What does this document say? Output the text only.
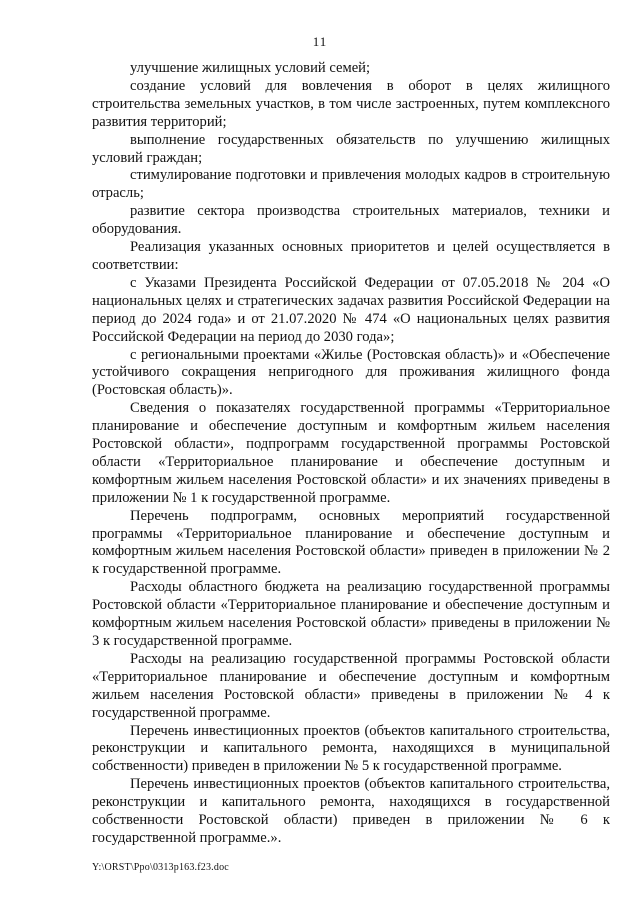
11

улучшение жилищных условий семей;

создание условий для вовлечения в оборот в целях жилищного строительства земельных участков, в том числе застроенных, путем комплексного развития территорий;

выполнение государственных обязательств по улучшению жилищных условий граждан;

стимулирование подготовки и привлечения молодых кадров в строительную отрасль;

развитие сектора производства строительных материалов, техники и оборудования.

Реализация указанных основных приоритетов и целей осуществляется в соответствии:

с Указами Президента Российской Федерации от 07.05.2018 № 204 «О национальных целях и стратегических задачах развития Российской Федерации на период до 2024 года» и от 21.07.2020 № 474 «О национальных целях развития Российской Федерации на период до 2030 года»;

с региональными проектами «Жилье (Ростовская область)» и «Обеспечение устойчивого сокращения непригодного для проживания жилищного фонда (Ростовская область)».

Сведения о показателях государственной программы «Территориальное планирование и обеспечение доступным и комфортным жильем населения Ростовской области», подпрограмм государственной программы Ростовской области «Территориальное планирование и обеспечение доступным и комфортным жильем населения Ростовской области» и их значениях приведены в приложении № 1 к государственной программе.

Перечень подпрограмм, основных мероприятий государственной программы «Территориальное планирование и обеспечение доступным и комфортным жильем населения Ростовской области» приведен в приложении № 2 к государственной программе.

Расходы областного бюджета на реализацию государственной программы Ростовской области «Территориальное планирование и обеспечение доступным и комфортным жильем населения Ростовской области» приведены в приложении № 3 к государственной программе.

Расходы на реализацию государственной программы Ростовской области «Территориальное планирование и обеспечение доступным и комфортным жильем населения Ростовской области» приведены в приложении № 4 к государственной программе.

Перечень инвестиционных проектов (объектов капитального строительства, реконструкции и капитального ремонта, находящихся в муниципальной собственности) приведен в приложении № 5 к государственной программе.

Перечень инвестиционных проектов (объектов капитального строительства, реконструкции и капитального ремонта, находящихся в государственной собственности Ростовской области) приведен в приложении № 6 к государственной программе.».

Y:\ORST\Ppo\0313p163.f23.doc
